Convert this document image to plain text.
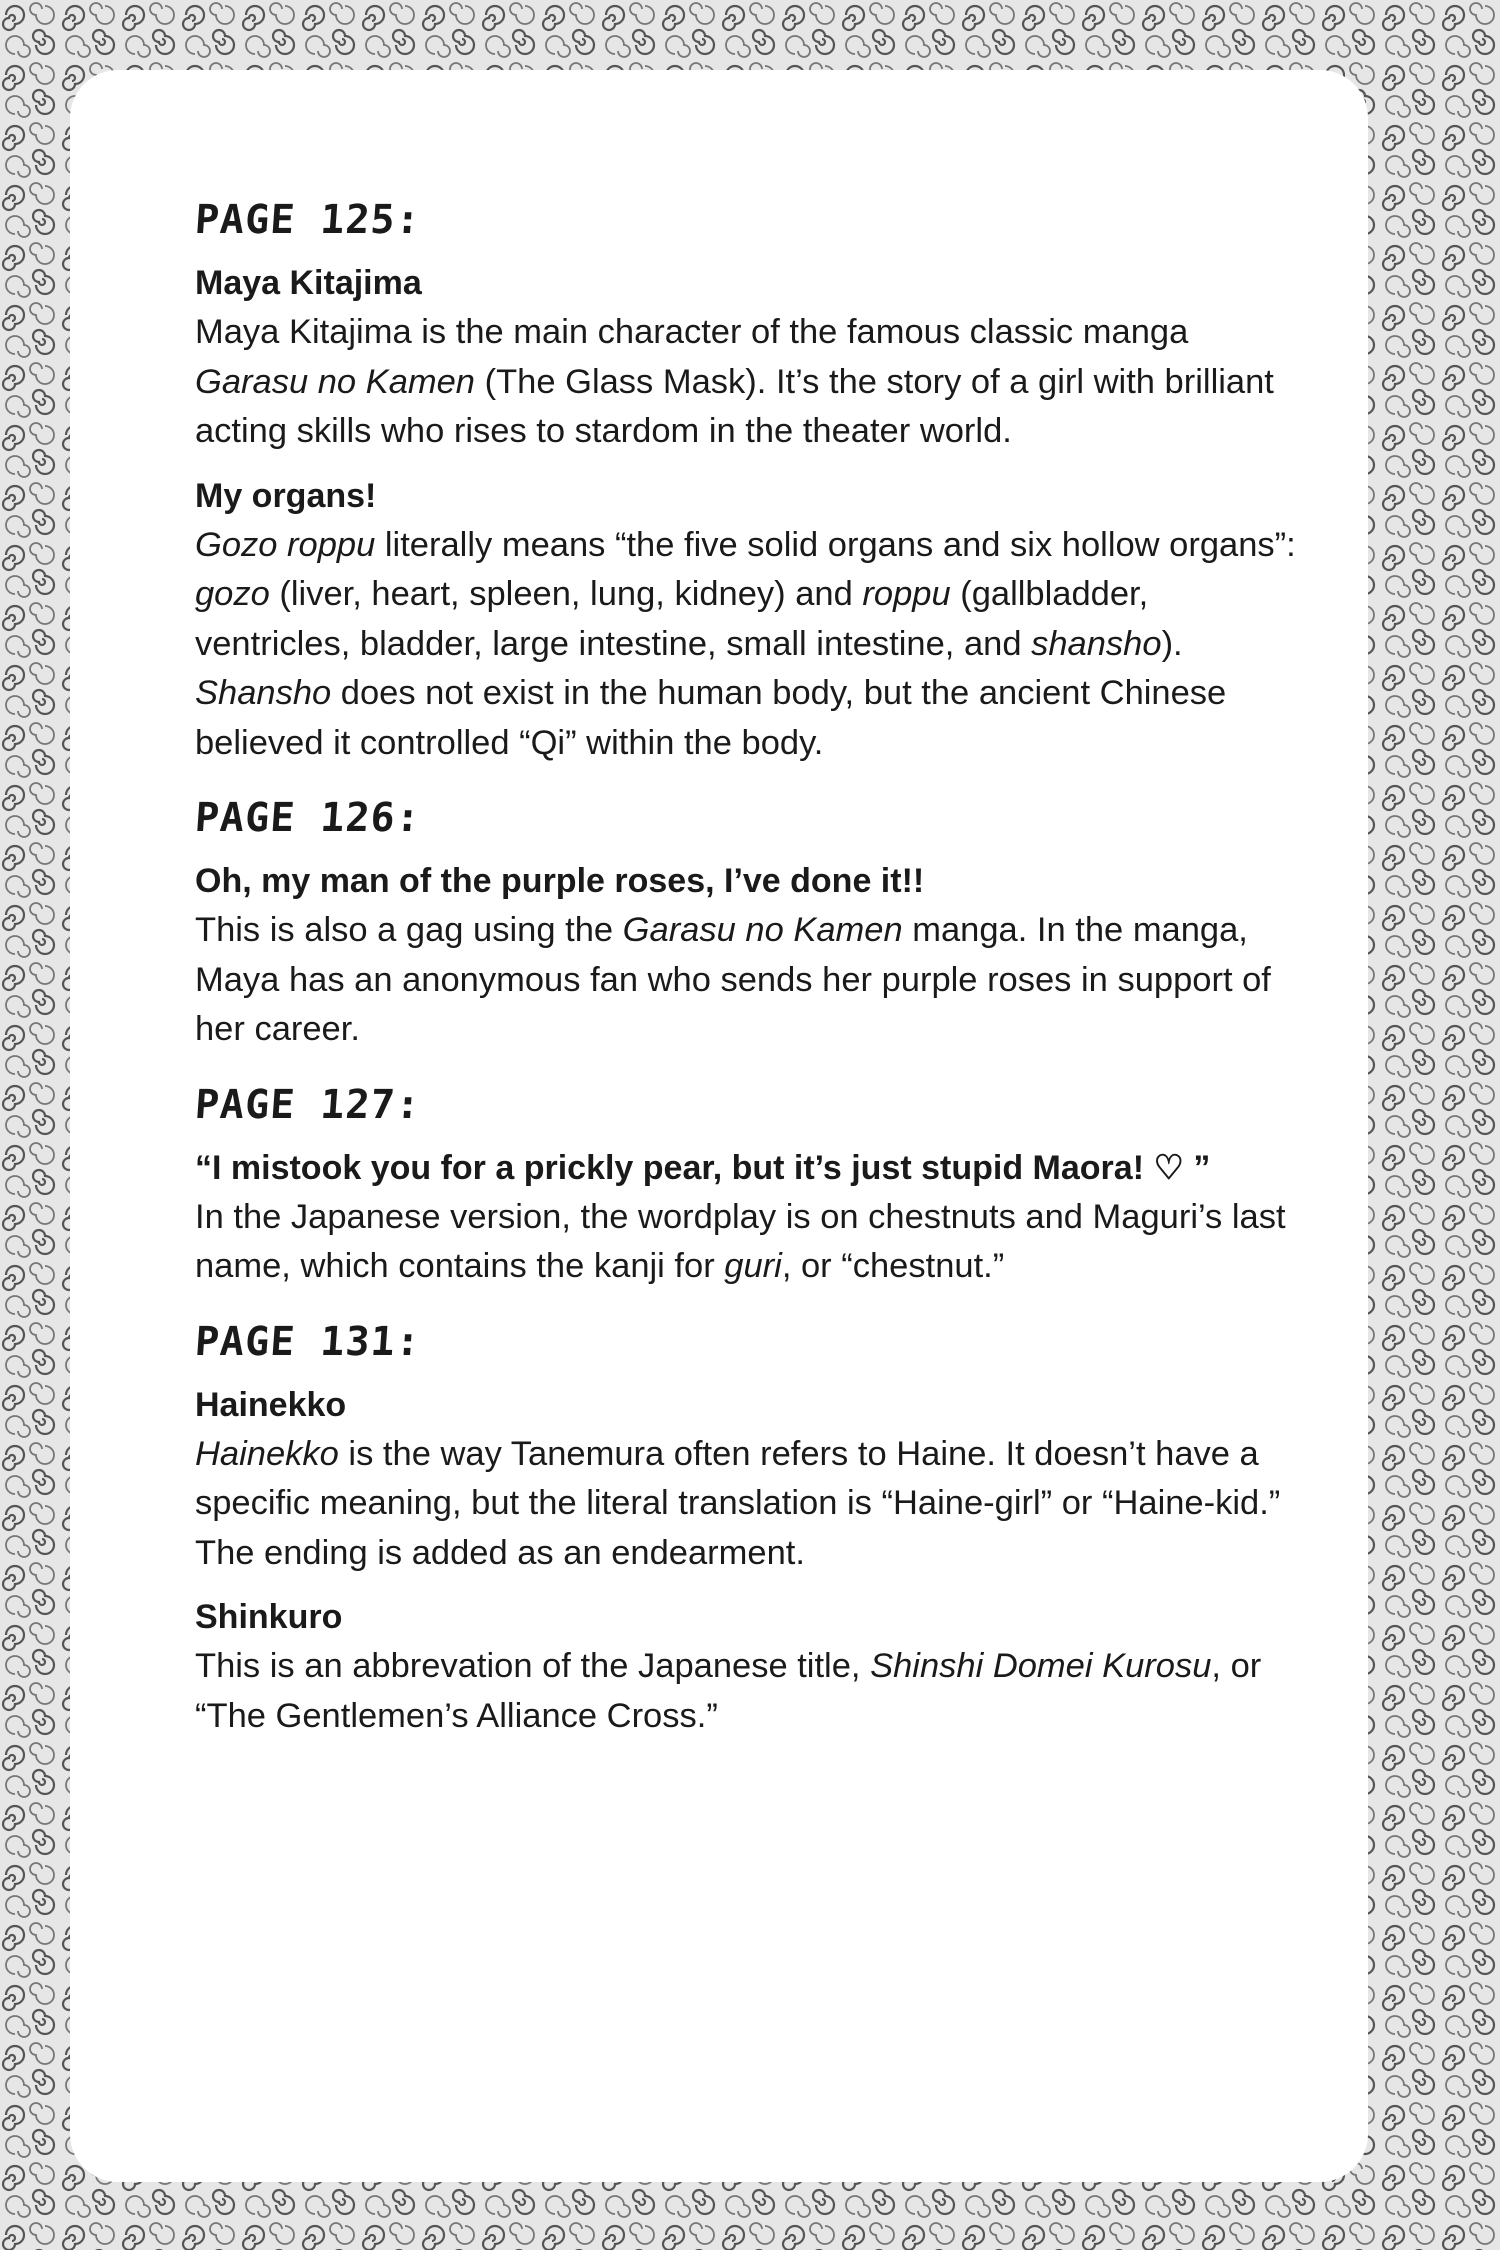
PAGE 125:

Maya Kitajima

Maya Kitajima is the main character of the famous classic manga Garasu no Kamen (The Glass Mask). It’s the story of a girl with brilliant acting skills who rises to stardom in the theater world.

My organs!

Gozo roppu literally means “the five solid organs and six hollow organs”: gozo (liver, heart, spleen, lung, kidney) and roppu (gallbladder, ventricles, bladder, large intestine, small intestine, and shansho). Shansho does not exist in the human body, but the ancient Chinese believed it controlled “Qi” within the body.

PAGE 126:

Oh, my man of the purple roses, I’ve done it!!

This is also a gag using the Garasu no Kamen manga. In the manga, Maya has an anonymous fan who sends her purple roses in support of her career.

PAGE 127:

“I mistook you for a prickly pear, but it’s just stupid Maora! ♡ ”

In the Japanese version, the wordplay is on chestnuts and Maguri’s last name, which contains the kanji for guri, or “chestnut.”

PAGE 131:

Hainekko

Hainekko is the way Tanemura often refers to Haine. It doesn’t have a specific meaning, but the literal translation is “Haine-girl” or “Haine-kid.” The ending is added as an endearment.

Shinkuro

This is an abbrevation of the Japanese title, Shinshi Domei Kurosu, or “The Gentlemen’s Alliance Cross.”
